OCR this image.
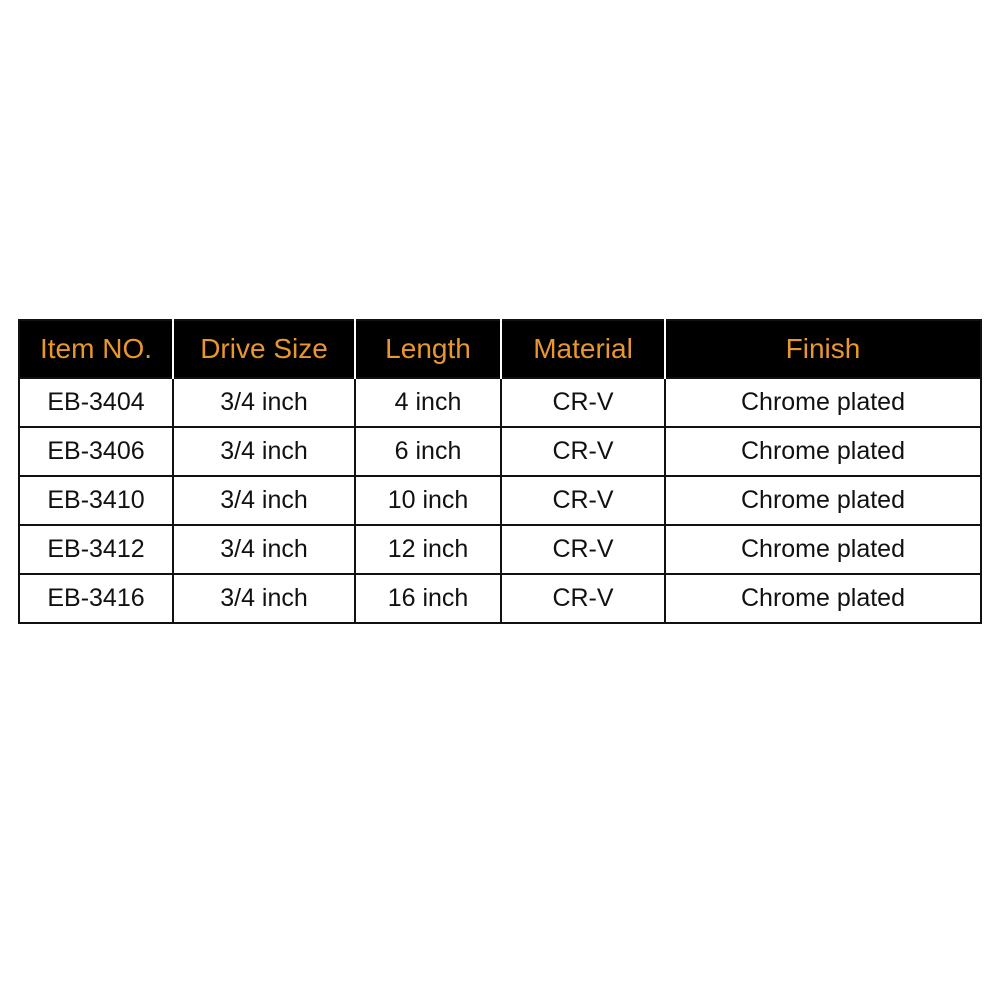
Item NO.	Drive Size	Length	Material	Finish
EB-3404	3/4 inch	4 inch	CR-V	Chrome plated
EB-3406	3/4 inch	6 inch	CR-V	Chrome plated
EB-3410	3/4 inch	10 inch	CR-V	Chrome plated
EB-3412	3/4 inch	12 inch	CR-V	Chrome plated
EB-3416	3/4 inch	16 inch	CR-V	Chrome plated
